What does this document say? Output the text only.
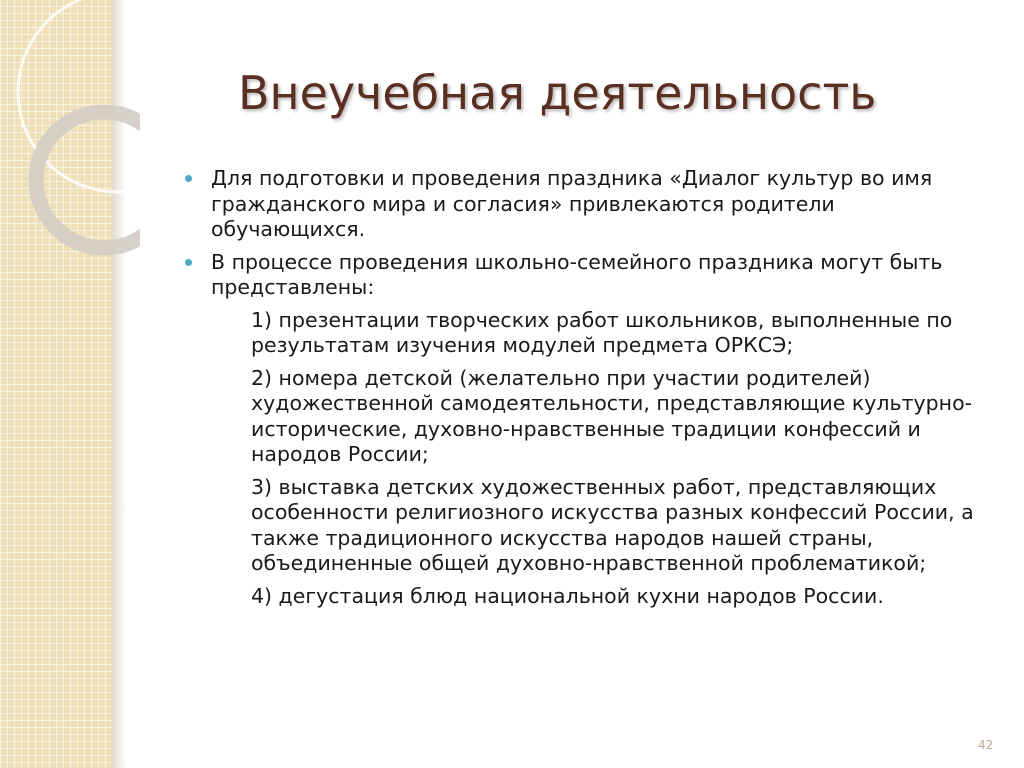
Внеучебная деятельность
Для подготовки и проведения праздника «Диалог культур во имя гражданского мира и согласия» привлекаются родители обучающихся.
В процессе проведения школьно-семейного праздника могут быть представлены:
1) презентации творческих работ школьников, выполненные по результатам изучения модулей предмета ОРКСЭ;
2) номера детской (желательно при участии родителей) художественной самодеятельности, представляющие культурно-исторические, духовно-нравственные традиции конфессий и народов России;
3) выставка детских художественных работ, представляющих особенности религиозного искусства разных конфессий России, а также традиционного искусства народов нашей страны, объединенные общей духовно-нравственной проблематикой;
4) дегустация блюд национальной кухни народов России.
42
